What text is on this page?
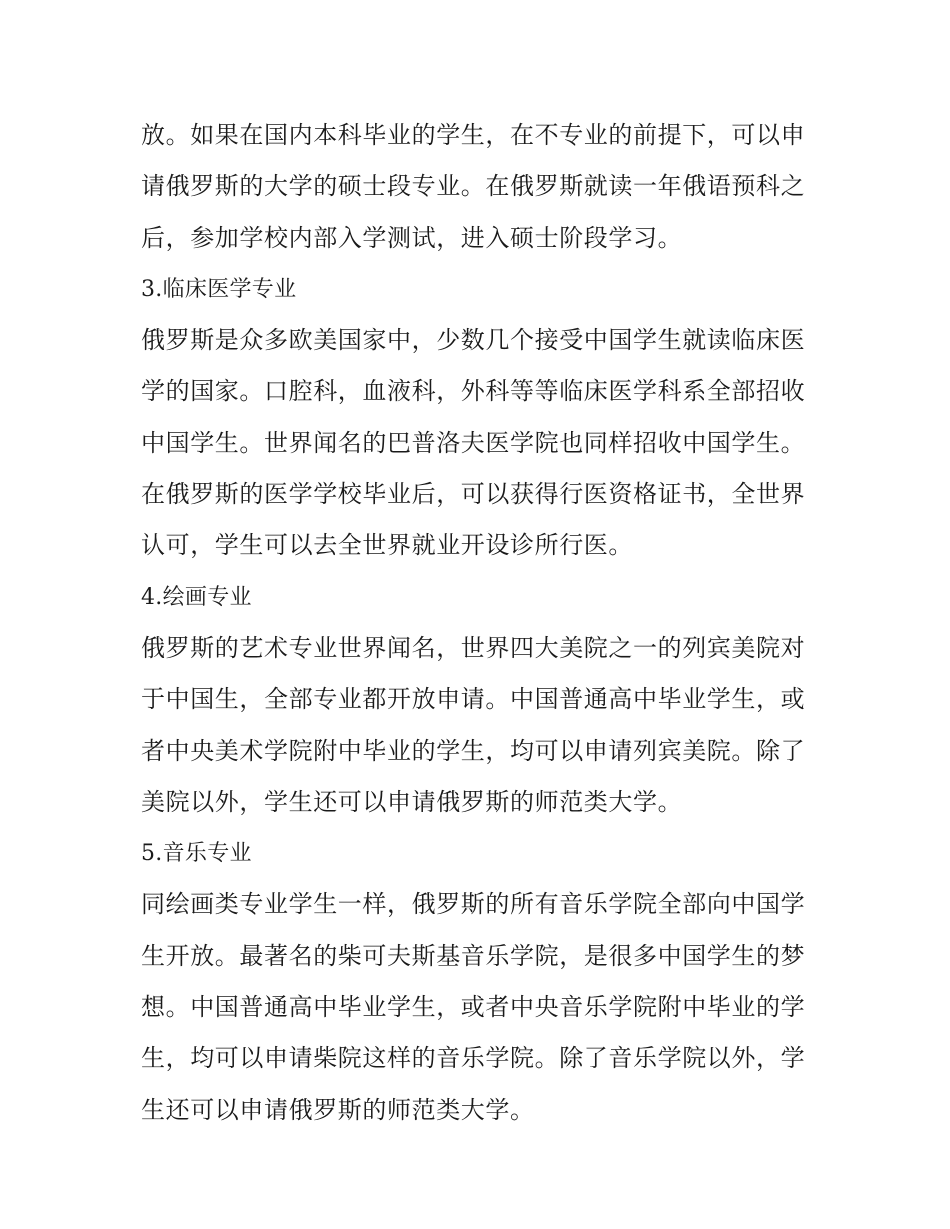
放。如果在国内本科毕业的学生，在不专业的前提下，可以申
请俄罗斯的大学的硕士段专业。在俄罗斯就读一年俄语预科之
后，参加学校内部入学测试，进入硕士阶段学习。
3.临床医学专业
俄罗斯是众多欧美国家中，少数几个接受中国学生就读临床医
学的国家。口腔科，血液科，外科等等临床医学科系全部招收
中国学生。世界闻名的巴普洛夫医学院也同样招收中国学生。
在俄罗斯的医学学校毕业后，可以获得行医资格证书，全世界
认可，学生可以去全世界就业开设诊所行医。
4.绘画专业
俄罗斯的艺术专业世界闻名，世界四大美院之一的列宾美院对
于中国生，全部专业都开放申请。中国普通高中毕业学生，或
者中央美术学院附中毕业的学生，均可以申请列宾美院。除了
美院以外，学生还可以申请俄罗斯的师范类大学。
5.音乐专业
同绘画类专业学生一样，俄罗斯的所有音乐学院全部向中国学
生开放。最著名的柴可夫斯基音乐学院，是很多中国学生的梦
想。中国普通高中毕业学生，或者中央音乐学院附中毕业的学
生，均可以申请柴院这样的音乐学院。除了音乐学院以外，学
生还可以申请俄罗斯的师范类大学。
